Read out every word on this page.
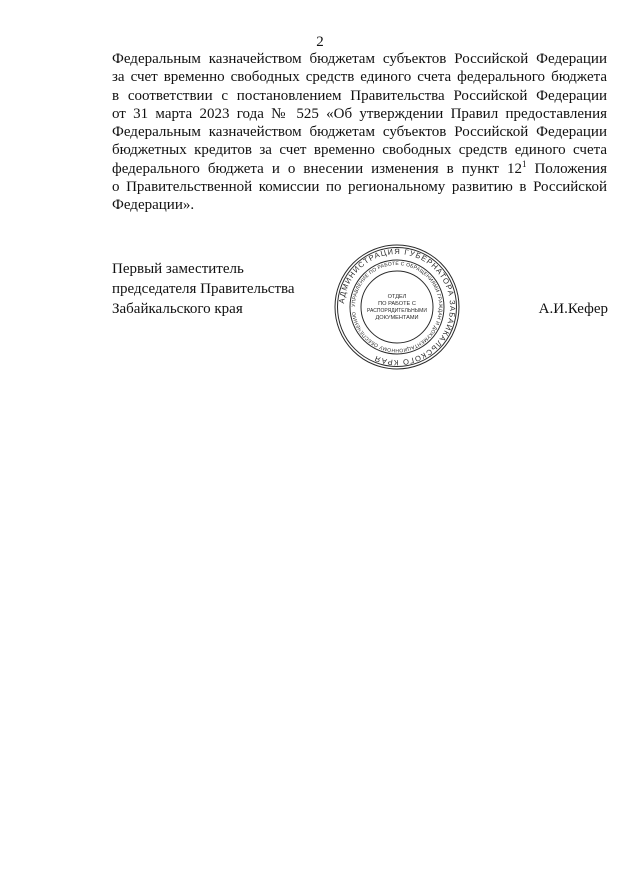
2
Федеральным казначейством бюджетам субъектов Российской Федерации
за счет временно свободных средств единого счета федерального бюджета
в соответствии с постановлением Правительства Российской Федерации
от 31 марта 2023 года № 525 «Об утверждении Правил предоставления
Федеральным казначейством бюджетам субъектов Российской Федерации
бюджетных кредитов за счет временно свободных средств единого счета
федерального бюджета и о внесении изменения в пункт $12^1$ Положения
о Правительственной комиссии по региональному развитию в Российской
Федерации».
Первый заместитель
председателя Правительства
Забайкальского края	А.И.Кефер
АДМИНИСТРАЦИЯ ГУБЕРНАТОРА ЗАБАЙКАЛЬСКОГО КРАЯ
УПРАВЛЕНИЕ ПО РАБОТЕ С ОБРАЩЕНИЯМИ ГРАЖДАН И ДОКУМЕНТАЦИОННОМУ ОБЕСПЕЧЕНИЮ
ОТДЕЛ
ПО РАБОТЕ С
РАСПОРЯДИТЕЛЬНЫМИ
ДОКУМЕНТАМИ
